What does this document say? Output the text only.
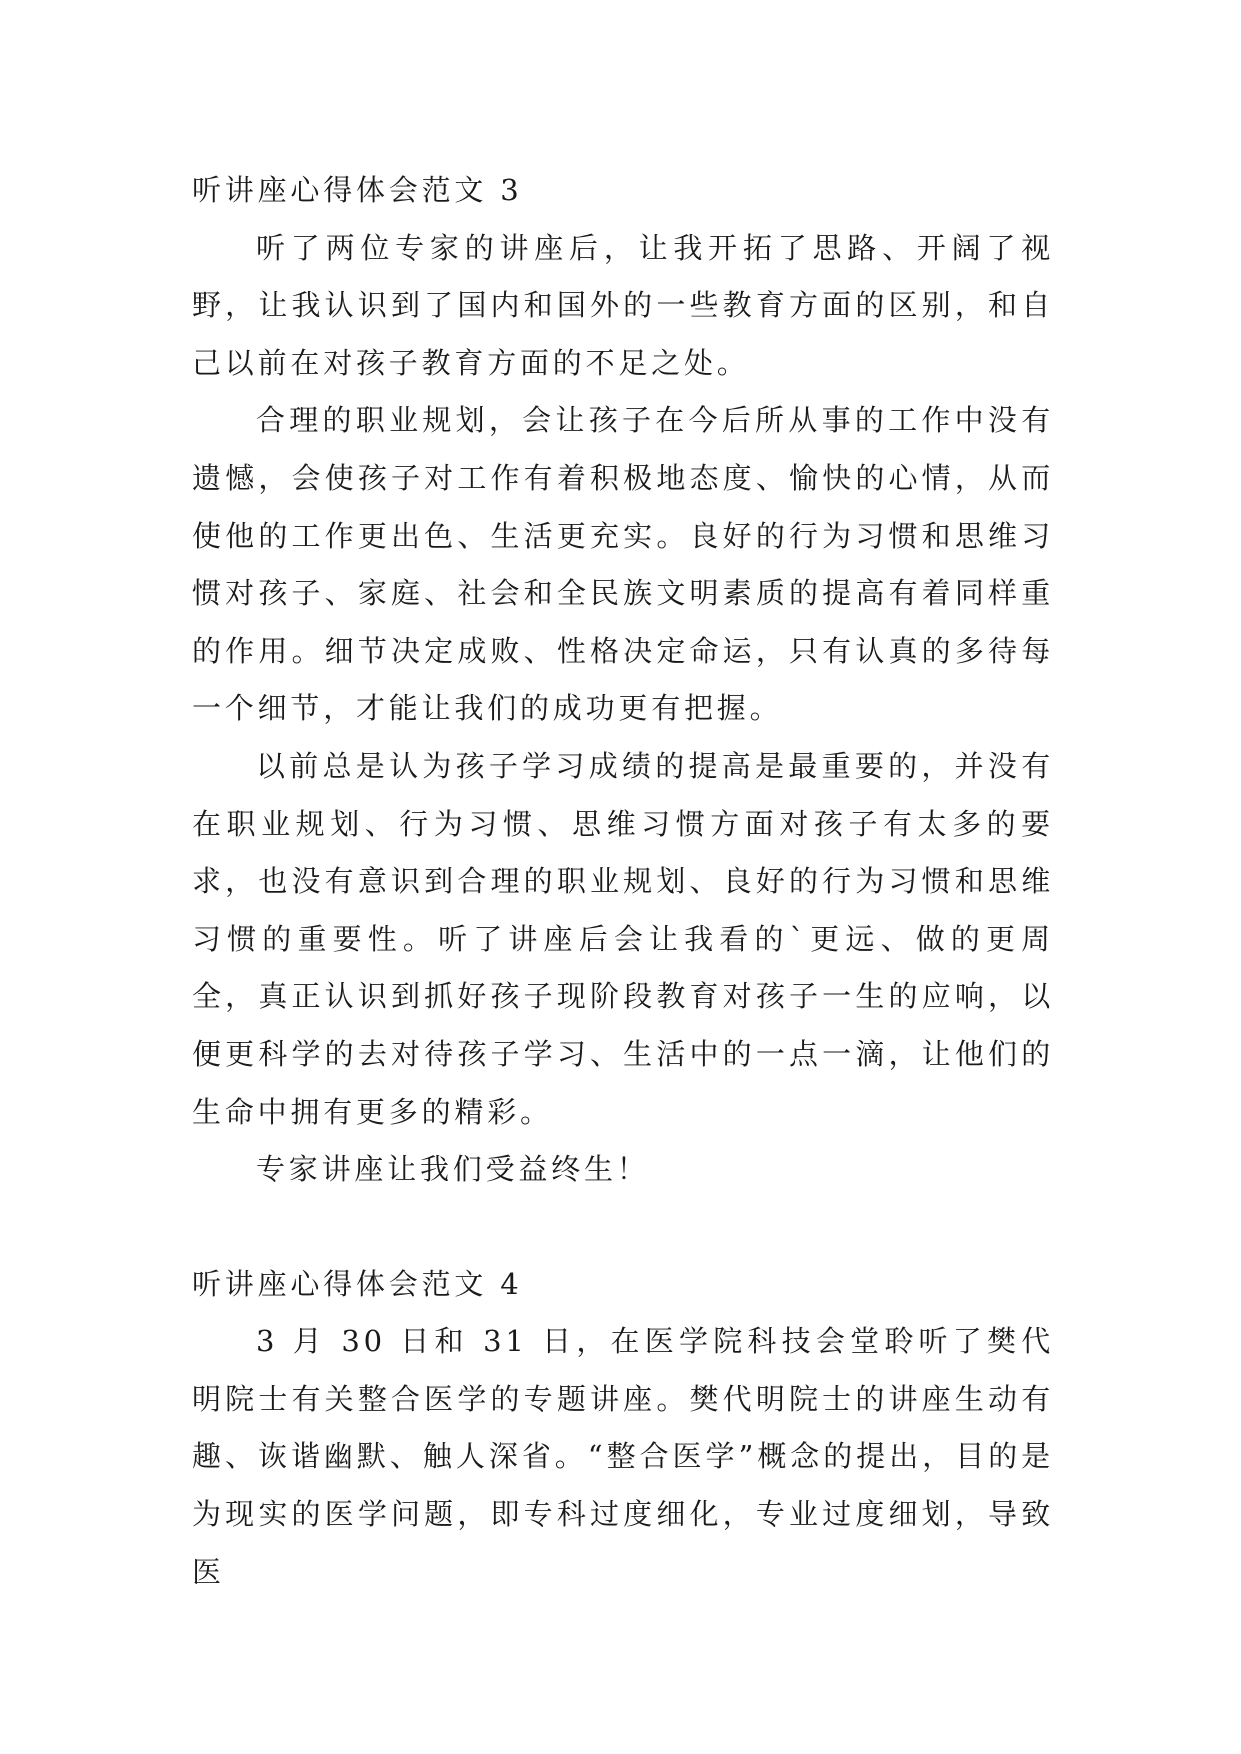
听讲座心得体会范文 3

听了两位专家的讲座后，让我开拓了思路、开阔了视野，让我认识到了国内和国外的一些教育方面的区别，和自己以前在对孩子教育方面的不足之处。

合理的职业规划，会让孩子在今后所从事的工作中没有遗憾，会使孩子对工作有着积极地态度、愉快的心情，从而使他的工作更出色、生活更充实。良好的行为习惯和思维习惯对孩子、家庭、社会和全民族文明素质的提高有着同样重的作用。细节决定成败、性格决定命运，只有认真的多待每一个细节，才能让我们的成功更有把握。

以前总是认为孩子学习成绩的提高是最重要的，并没有在职业规划、行为习惯、思维习惯方面对孩子有太多的要求，也没有意识到合理的职业规划、良好的行为习惯和思维习惯的重要性。听了讲座后会让我看的`更远、做的更周全，真正认识到抓好孩子现阶段教育对孩子一生的应响，以便更科学的去对待孩子学习、生活中的一点一滴，让他们的生命中拥有更多的精彩。

专家讲座让我们受益终生！

听讲座心得体会范文 4

3 月 30 日和 31 日，在医学院科技会堂聆听了樊代明院士有关整合医学的专题讲座。樊代明院士的讲座生动有趣、诙谐幽默、触人深省。“整合医学”概念的提出，目的是为现实的医学问题，即专科过度细化，专业过度细划，导致医
